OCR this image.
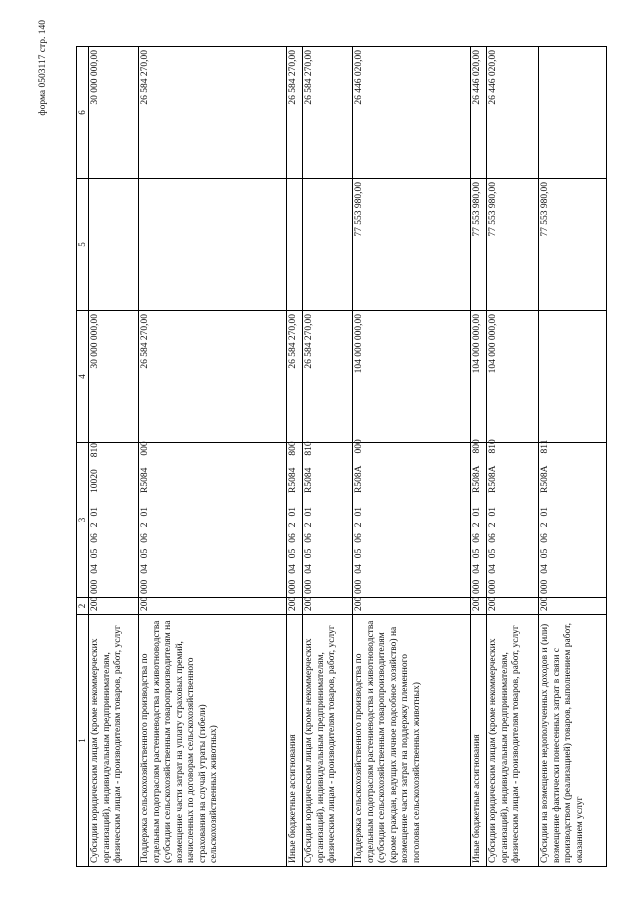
форма 0503117 стр. 140
1	2	3	4	5	6
Субсидии юридическим лицам (кроме некоммерческих организаций), индивидуальным предпринимателям, физическим лицам - производителям товаров, работ, услуг	200	00004050620110020810	30 000 000,00		30 000 000,00
Поддержка сельскохозяйственного производства по отдельным подотраслям растениеводства и животноводства (субсидии сельскохозяйственным товаропроизводителям на возмещение части затрат на уплату страховых премий, начисленных по договорам сельскохозяйственного страхования на случай утраты (гибели) сельскохозяйственных животных)	200	000040506201R5084000	26 584 270,00		26 584 270,00
Иные бюджетные ассигнования	200	000040506201R5084800	26 584 270,00		26 584 270,00
Субсидии юридическим лицам (кроме некоммерческих организаций), индивидуальным предпринимателям, физическим лицам - производителям товаров, работ, услуг	200	000040506201R5084810	26 584 270,00		26 584 270,00
Поддержка сельскохозяйственного производства по отдельным подотраслям растениеводства и животноводства (субсидии сельскохозяйственным товаропроизводителям (кроме граждан, ведущих личное подсобное хозяйство) на возмещение части затрат на поддержку племенного поголовья сельскохозяйственных животных)	200	000040506201R508A000	104 000 000,00	77 553 980,00	26 446 020,00
Иные бюджетные ассигнования	200	000040506201R508A800	104 000 000,00	77 553 980,00	26 446 020,00
Субсидии юридическим лицам (кроме некоммерческих организаций), индивидуальным предпринимателям, физическим лицам - производителям товаров, работ, услуг	200	000040506201R508A810	104 000 000,00	77 553 980,00	26 446 020,00
Субсидии на возмещение недополученных доходов и (или) возмещение фактически понесенных затрат в связи с производством (реализацией) товаров, выполнением работ, оказанием услуг	200	000040506201R508A811		77 553 980,00	
